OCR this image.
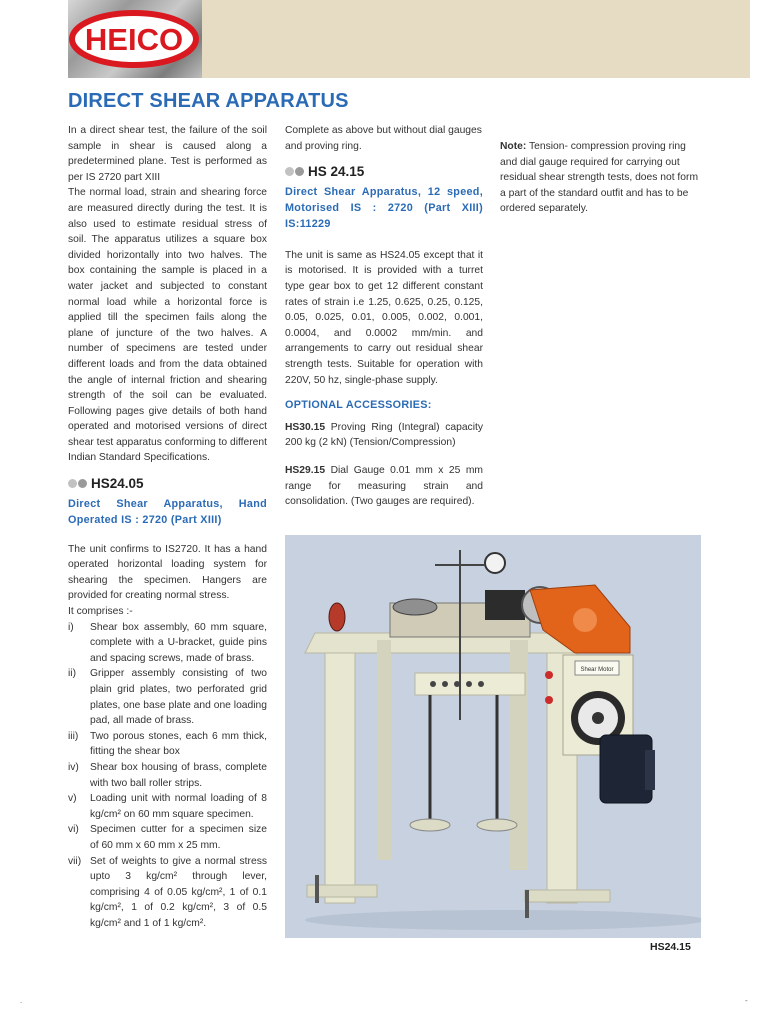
HEICO
DIRECT SHEAR APPARATUS

In a direct shear test, the failure of the soil sample in shear is caused along a predetermined plane. Test is performed as per IS 2720 part XIII

The normal load, strain and shearing force are measured directly during the test. It is also used to estimate residual stress of soil. The apparatus utilizes a square box divided horizontally into two halves. The box containing the sample is placed in a water jacket and subjected to constant normal load while a horizontal force is applied till the specimen fails along the plane of juncture of the two halves. A number of specimens are tested under different loads and from the data obtained the angle of internal friction and shearing strength of the soil can be evaluated. Following pages give details of both hand operated and motorised versions of direct shear test apparatus conforming to different Indian Standard Specifications.

HS24.05

Direct Shear Apparatus, Hand Operated IS : 2720 (Part XIII)

The unit confirms to IS2720. It has a hand operated horizontal loading system for shearing the specimen. Hangers are provided for creating normal stress.

It comprises :-

i)	Shear box assembly, 60 mm square, complete with a U-bracket, guide pins and spacing screws, made of brass.
ii)	Gripper assembly consisting of two plain grid plates, two perforated grid plates, one base plate and one loading pad, all made of brass.
iii)	Two porous stones, each 6 mm thick, fitting the shear box
iv)	Shear box housing of brass, complete with two ball roller strips.
v)	Loading unit with normal loading of 8 kg/cm² on 60 mm square specimen.
vi)	Specimen cutter for a specimen size of 60 mm x 60 mm x 25 mm.
vii) Set of weights to give a normal stress upto 3 kg/cm² through lever, comprising 4 of 0.05 kg/cm², 1 of 0.1 kg/cm², 1 of 0.2 kg/cm², 3 of 0.5 kg/cm² and 1 of 1 kg/cm².

Complete as above but without dial gauges and proving ring.

HS 24.15

Direct Shear Apparatus, 12 speed, Motorised IS : 2720 (Part XIII) IS:11229

The unit is same as HS24.05 except that it is motorised. It is provided with a turret type gear box to get 12 different constant rates of strain i.e 1.25, 0.625, 0.25, 0.125, 0.05, 0.025, 0.01, 0.005, 0.002, 0.001, 0.0004, and 0.0002 mm/min. and arrangements to carry out residual shear strength tests. Suitable for operation with 220V, 50 hz, single-phase supply.

OPTIONAL ACCESSORIES:

HS30.15 Proving Ring (Integral) capacity 200 kg (2 kN) (Tension/Compression)
HS29.15 Dial Gauge 0.01 mm x 25 mm range for measuring strain and consolidation. (Two gauges are required).

Note: Tension- compression proving ring and dial gauge required for carrying out residual shear strength tests, does not form a part of the standard outfit and has to be ordered separately.

Shear Motor
HS24.15
.	-
